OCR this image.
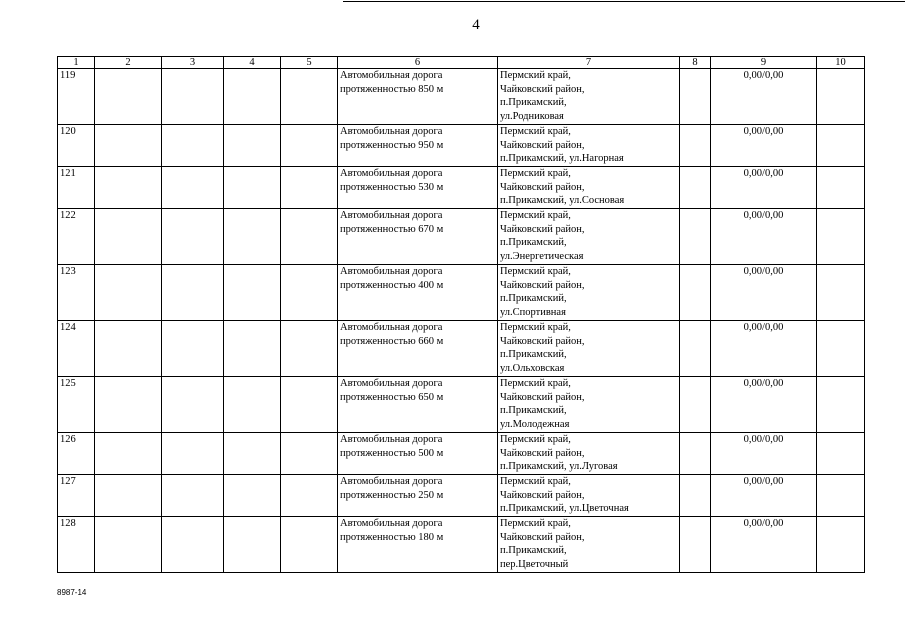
4
1	2	3	4	5	6	7	8	9	10
119					Автомобильная дорога
протяженностью 850 м	Пермский край,
Чайковский район,
п.Прикамский,
ул.Родниковая		0,00/0,00	
120					Автомобильная дорога
протяженностью 950 м	Пермский край,
Чайковский район,
п.Прикамский, ул.Нагорная		0,00/0,00	
121					Автомобильная дорога
протяженностью 530 м	Пермский край,
Чайковский район,
п.Прикамский, ул.Сосновая		0,00/0,00	
122					Автомобильная дорога
протяженностью 670 м	Пермский край,
Чайковский район,
п.Прикамский,
ул.Энергетическая		0,00/0,00	
123					Автомобильная дорога
протяженностью 400 м	Пермский край,
Чайковский район,
п.Прикамский,
ул.Спортивная		0,00/0,00	
124					Автомобильная дорога
протяженностью 660 м	Пермский край,
Чайковский район,
п.Прикамский,
ул.Ольховская		0,00/0,00	
125					Автомобильная дорога
протяженностью 650 м	Пермский край,
Чайковский район,
п.Прикамский,
ул.Молодежная		0,00/0,00	
126					Автомобильная дорога
протяженностью 500 м	Пермский край,
Чайковский район,
п.Прикамский, ул.Луговая		0,00/0,00	
127					Автомобильная дорога
протяженностью 250 м	Пермский край,
Чайковский район,
п.Прикамский, ул.Цветочная		0,00/0,00	
128					Автомобильная дорога
протяженностью 180 м	Пермский край,
Чайковский район,
п.Прикамский,
пер.Цветочный		0,00/0,00	
8987-14
